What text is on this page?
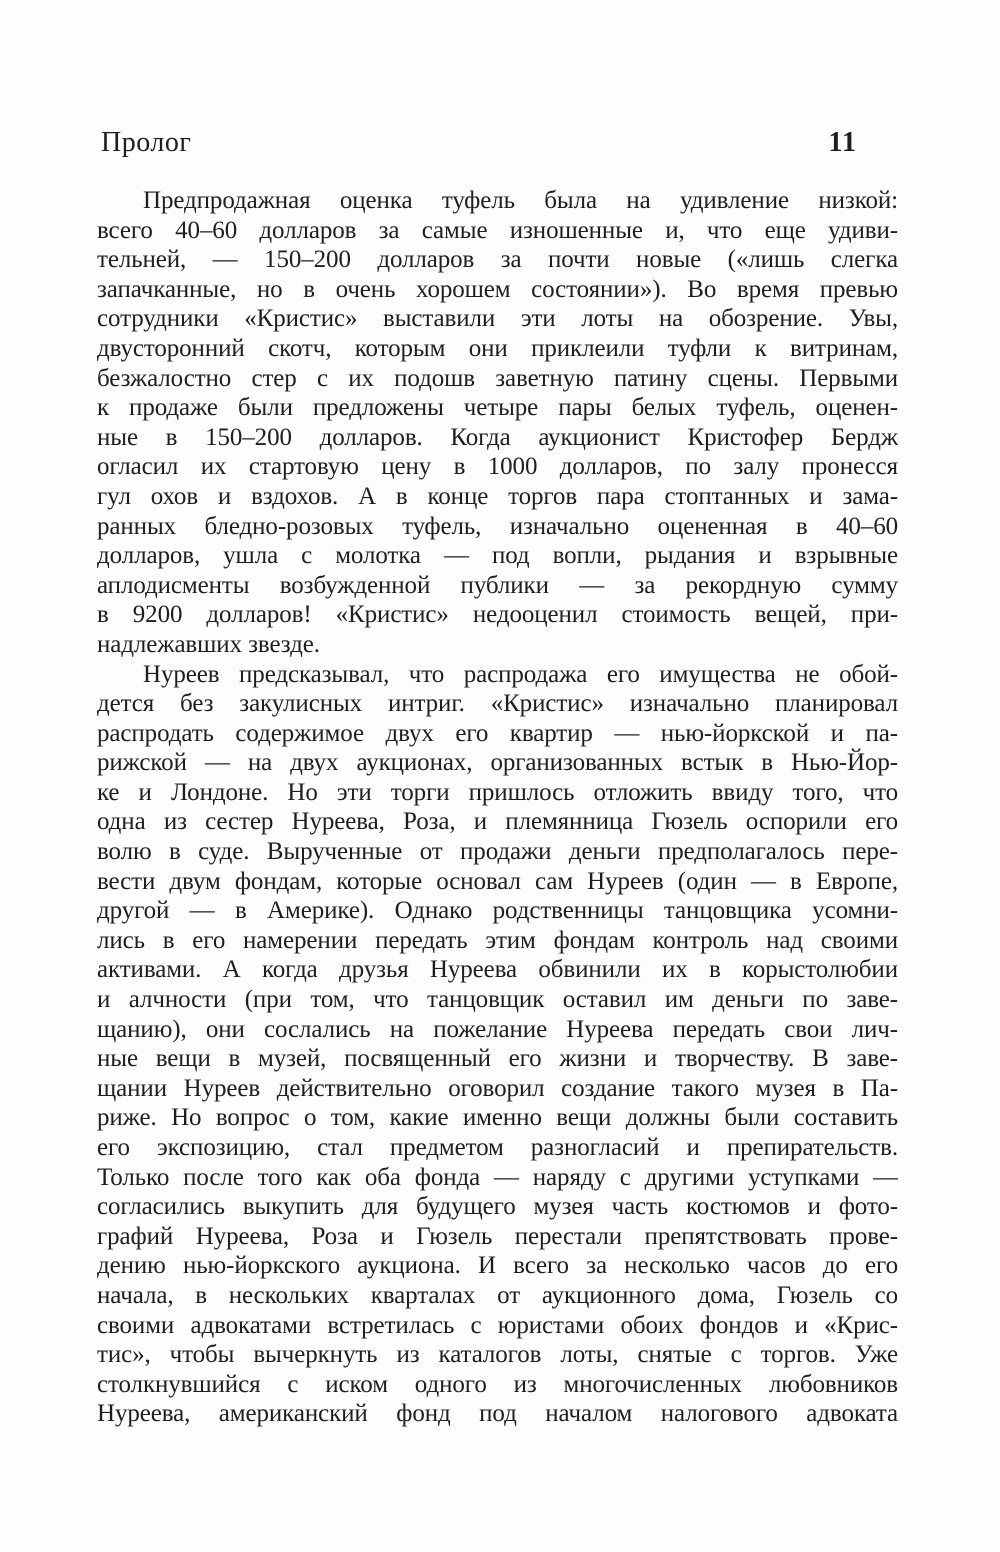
Пролог	11
Предпродажная оценка туфель была на удивление низкой:
всего 40–60 долларов за самые изношенные и, что еще удиви-
тельней, — 150–200 долларов за почти новые («лишь слегка
запачканные, но в очень хорошем состоянии»). Во время превью
сотрудники «Кристис» выставили эти лоты на обозрение. Увы,
двусторонний скотч, которым они приклеили туфли к витринам,
безжалостно стер с их подошв заветную патину сцены. Первыми
к продаже были предложены четыре пары белых туфель, оценен-
ные в 150–200 долларов. Когда аукционист Кристофер Бердж
огласил их стартовую цену в 1000 долларов, по залу пронесся
гул охов и вздохов. А в конце торгов пара стоптанных и зама-
ранных бледно-розовых туфель, изначально оцененная в 40–60
долларов, ушла с молотка — под вопли, рыдания и взрывные
аплодисменты возбужденной публики — за рекордную сумму
в 9200 долларов! «Кристис» недооценил стоимость вещей, при-
надлежавших звезде.
Нуреев предсказывал, что распродажа его имущества не обой-
дется без закулисных интриг. «Кристис» изначально планировал
распродать содержимое двух его квартир — нью-йоркской и па-
рижской — на двух аукционах, организованных встык в Нью-Йор-
ке и Лондоне. Но эти торги пришлось отложить ввиду того, что
одна из сестер Нуреева, Роза, и племянница Гюзель оспорили его
волю в суде. Вырученные от продажи деньги предполагалось пере-
вести двум фондам, которые основал сам Нуреев (один — в Европе,
другой — в Америке). Однако родственницы танцовщика усомни-
лись в его намерении передать этим фондам контроль над своими
активами. А когда друзья Нуреева обвинили их в корыстолюбии
и алчности (при том, что танцовщик оставил им деньги по заве-
щанию), они сослались на пожелание Нуреева передать свои лич-
ные вещи в музей, посвященный его жизни и творчеству. В заве-
щании Нуреев действительно оговорил создание такого музея в Па-
риже. Но вопрос о том, какие именно вещи должны были составить
его экспозицию, стал предметом разногласий и препирательств.
Только после того как оба фонда — наряду с другими уступками —
согласились выкупить для будущего музея часть костюмов и фото-
графий Нуреева, Роза и Гюзель перестали препятствовать прове-
дению нью-йоркского аукциона. И всего за несколько часов до его
начала, в нескольких кварталах от аукционного дома, Гюзель со
своими адвокатами встретилась с юристами обоих фондов и «Крис-
тис», чтобы вычеркнуть из каталогов лоты, снятые с торгов. Уже
столкнувшийся с иском одного из многочисленных любовников
Нуреева, американский фонд под началом налогового адвоката
